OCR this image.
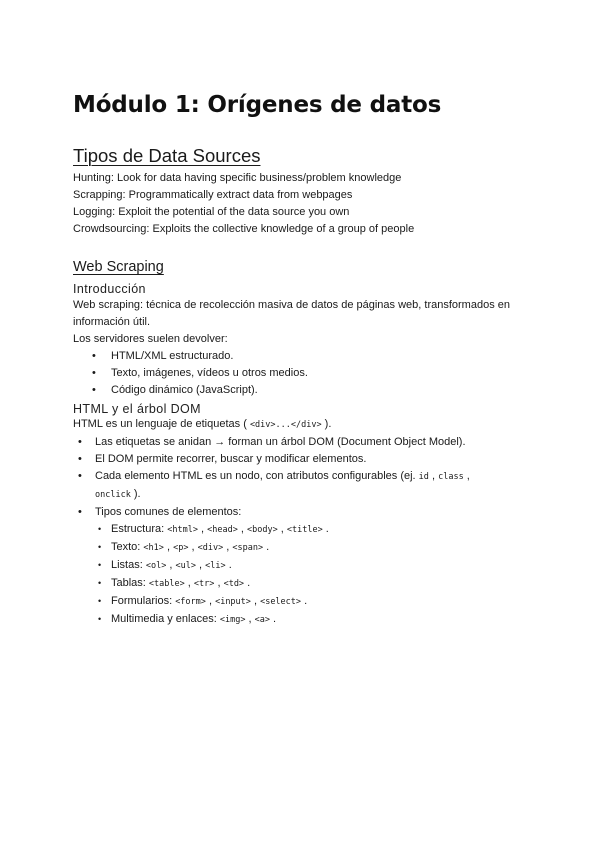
Módulo 1: Orígenes de datos
Tipos de Data Sources
Hunting: Look for data having specific business/problem knowledge
Scrapping: Programmatically extract data from webpages
Logging: Exploit the potential of the data source you own
Crowdsourcing: Exploits the collective knowledge of a group of people
Web Scraping
Introducción
Web scraping: técnica de recolección masiva de datos de páginas web, transformados en información útil.
Los servidores suelen devolver:
• HTML/XML estructurado.
• Texto, imágenes, vídeos u otros medios.
• Código dinámico (JavaScript).
HTML y el árbol DOM
HTML es un lenguaje de etiquetas ( <div>...</div> ).
• Las etiquetas se anidan → forman un árbol DOM (Document Object Model).
• El DOM permite recorrer, buscar y modificar elementos.
• Cada elemento HTML es un nodo, con atributos configurables (ej. id , class ,
onclick ).
• Tipos comunes de elementos:
• Estructura: <html> , <head> , <body> , <title> .
• Texto: <h1> , <p> , <div> , <span> .
• Listas: <ol> , <ul> , <li> .
• Tablas: <table> , <tr> , <td> .
• Formularios: <form> , <input> , <select> .
• Multimedia y enlaces: <img> , <a> .
